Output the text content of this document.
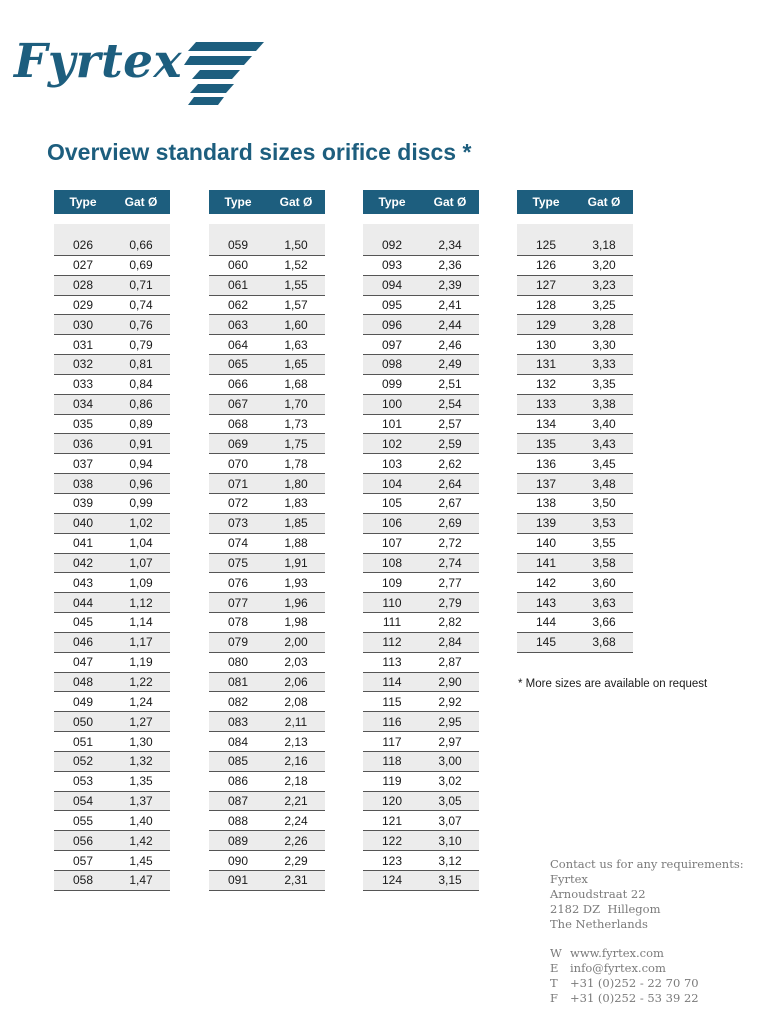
Fyrtex
Overview standard sizes orifice discs *
Type	Gat Ø

026	0,66
027	0,69
028	0,71
029	0,74
030	0,76
031	0,79
032	0,81
033	0,84
034	0,86
035	0,89
036	0,91
037	0,94
038	0,96
039	0,99
040	1,02
041	1,04
042	1,07
043	1,09
044	1,12
045	1,14
046	1,17
047	1,19
048	1,22
049	1,24
050	1,27
051	1,30
052	1,32
053	1,35
054	1,37
055	1,40
056	1,42
057	1,45
058	1,47
Type	Gat Ø

059	1,50
060	1,52
061	1,55
062	1,57
063	1,60
064	1,63
065	1,65
066	1,68
067	1,70
068	1,73
069	1,75
070	1,78
071	1,80
072	1,83
073	1,85
074	1,88
075	1,91
076	1,93
077	1,96
078	1,98
079	2,00
080	2,03
081	2,06
082	2,08
083	2,11
084	2,13
085	2,16
086	2,18
087	2,21
088	2,24
089	2,26
090	2,29
091	2,31
Type	Gat Ø

092	2,34
093	2,36
094	2,39
095	2,41
096	2,44
097	2,46
098	2,49
099	2,51
100	2,54
101	2,57
102	2,59
103	2,62
104	2,64
105	2,67
106	2,69
107	2,72
108	2,74
109	2,77
110	2,79
111	2,82
112	2,84
113	2,87
114	2,90
115	2,92
116	2,95
117	2,97
118	3,00
119	3,02
120	3,05
121	3,07
122	3,10
123	3,12
124	3,15
Type	Gat Ø

125	3,18
126	3,20
127	3,23
128	3,25
129	3,28
130	3,30
131	3,33
132	3,35
133	3,38
134	3,40
135	3,43
136	3,45
137	3,48
138	3,50
139	3,53
140	3,55
141	3,58
142	3,60
143	3,63
144	3,66
145	3,68
* More sizes are available on request
Contact us for any requirements:
Fyrtex
Arnoudstraat 22
2182 DZ  Hillegom
The Netherlands
W www.fyrtex.com
E info@fyrtex.com
T +31 (0)252 - 22 70 70
F +31 (0)252 - 53 39 22
